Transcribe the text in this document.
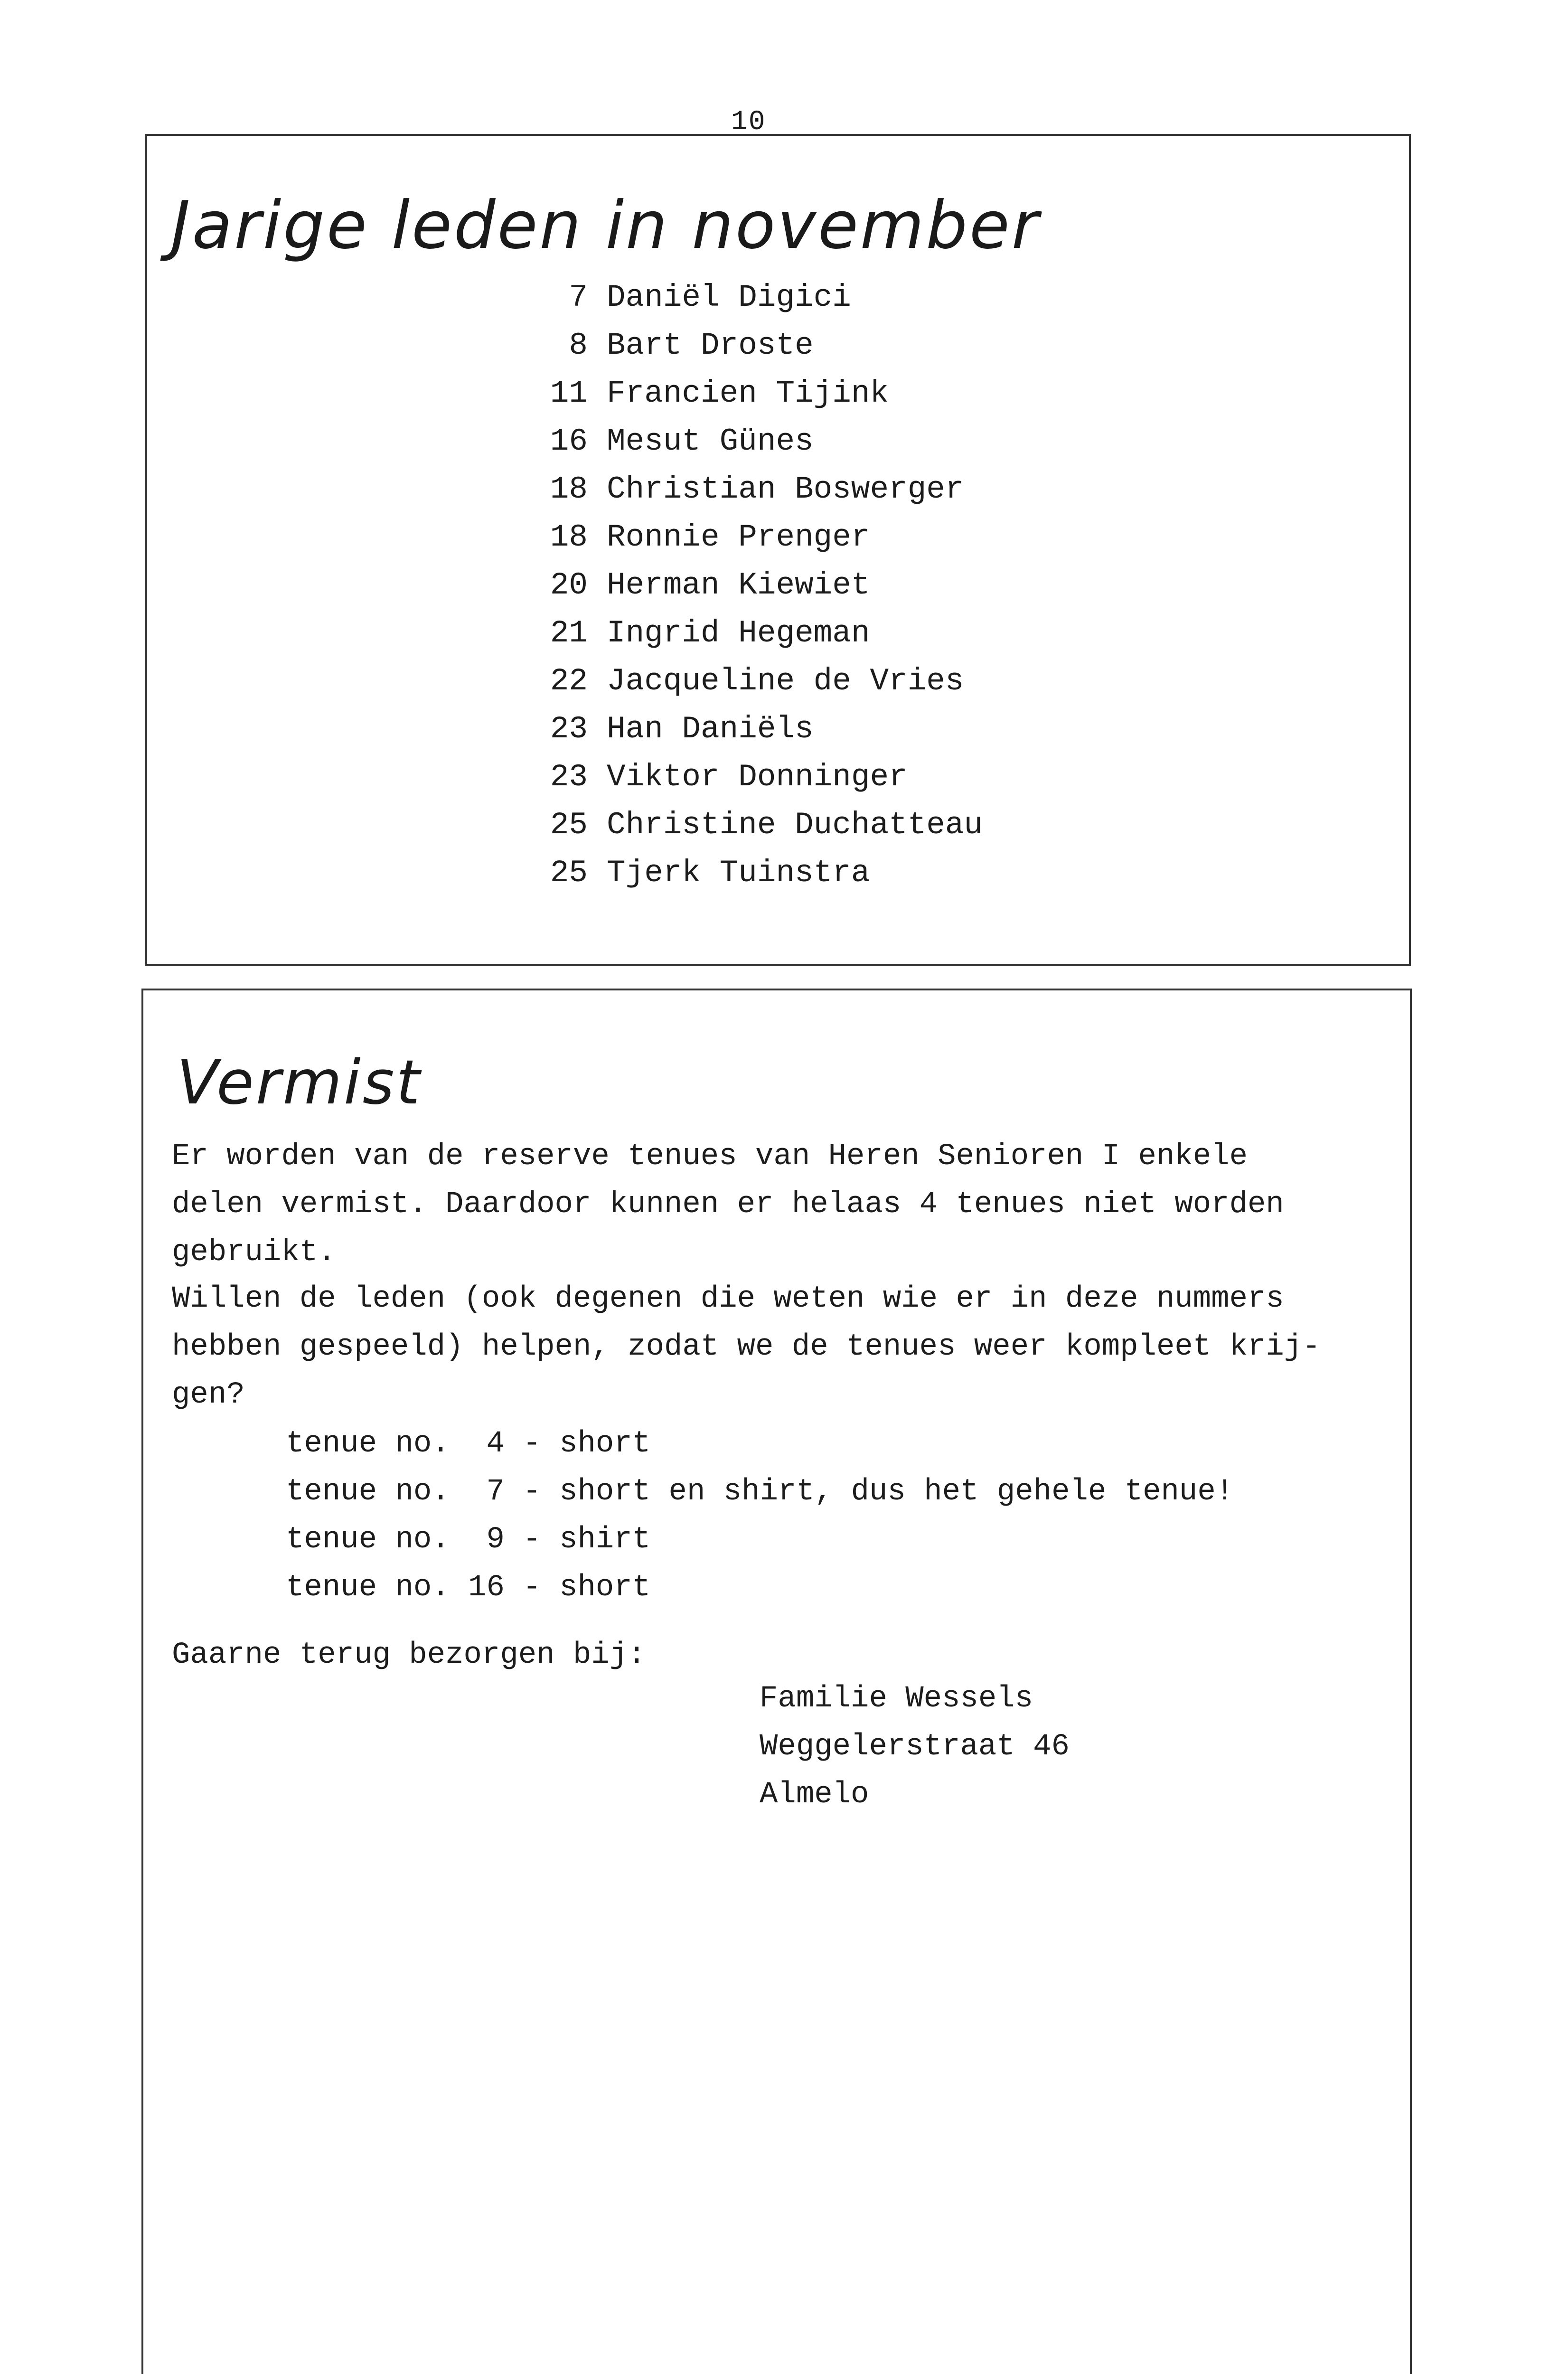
10
Jarige leden in november
7 Daniël Digici
8 Bart Droste
11 Francien Tijink
16 Mesut Günes
18 Christian Boswerger
18 Ronnie Prenger
20 Herman Kiewiet
21 Ingrid Hegeman
22 Jacqueline de Vries
23 Han Daniëls
23 Viktor Donninger
25 Christine Duchatteau
25 Tjerk Tuinstra
Vermist
Er worden van de reserve tenues van Heren Senioren I enkele
delen vermist. Daardoor kunnen er helaas 4 tenues niet worden
gebruikt.
Willen de leden (ook degenen die weten wie er in deze nummers
hebben gespeeld) helpen, zodat we de tenues weer kompleet krij-
gen?
tenue no.  4 - short
tenue no.  7 - short en shirt, dus het gehele tenue!
tenue no.  9 - shirt
tenue no. 16 - short
Gaarne terug bezorgen bij:
Familie Wessels
Weggelerstraat 46
Almelo
